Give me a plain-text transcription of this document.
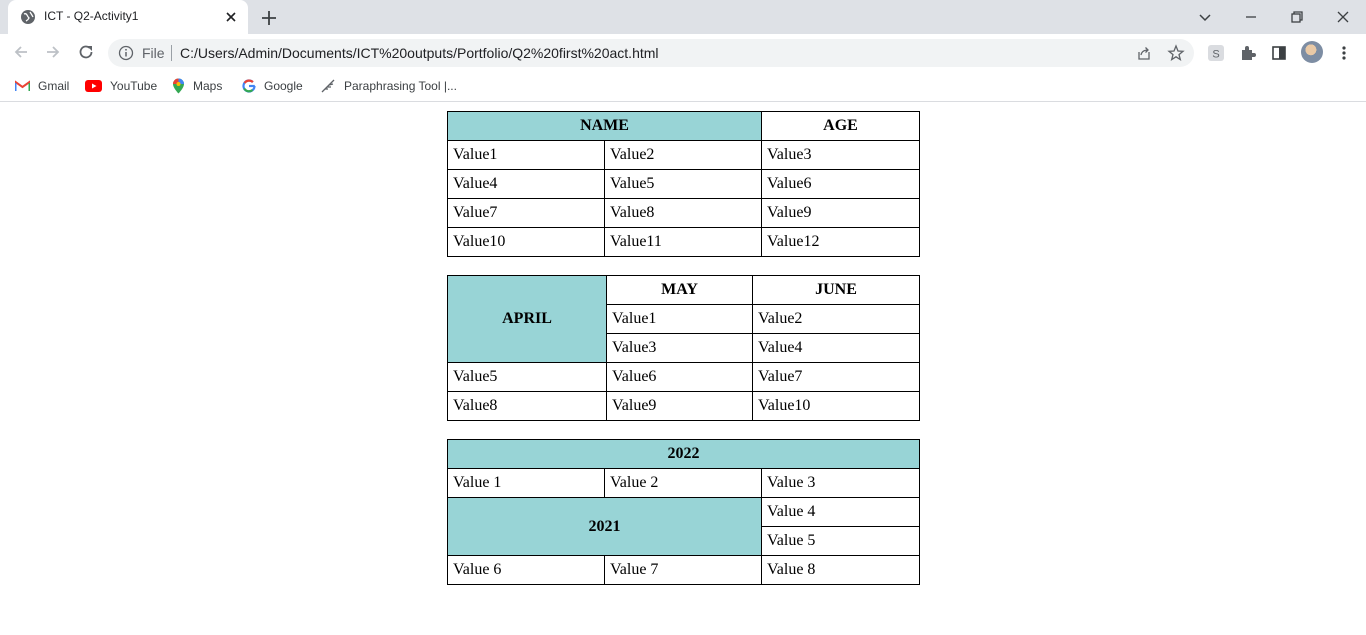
ICT - Q2-Activity1
File C:/Users/Admin/Documents/ICT%20outputs/Portfolio/Q2%20first%20act.html	S
Gmail	YouTube	Maps	Google	Paraphrasing Tool |...
NAME		AGE
Value1	Value2	Value3
Value4	Value5	Value6
Value7	Value8	Value9
Value10	Value11	Value12
APRIL	MAY	JUNE
	Value1	Value2
	Value3	Value4
Value5	Value6	Value7
Value8	Value9	Value10
2022		
Value 1	Value 2	Value 3
2021		Value 4
		Value 5
Value 6	Value 7	Value 8
